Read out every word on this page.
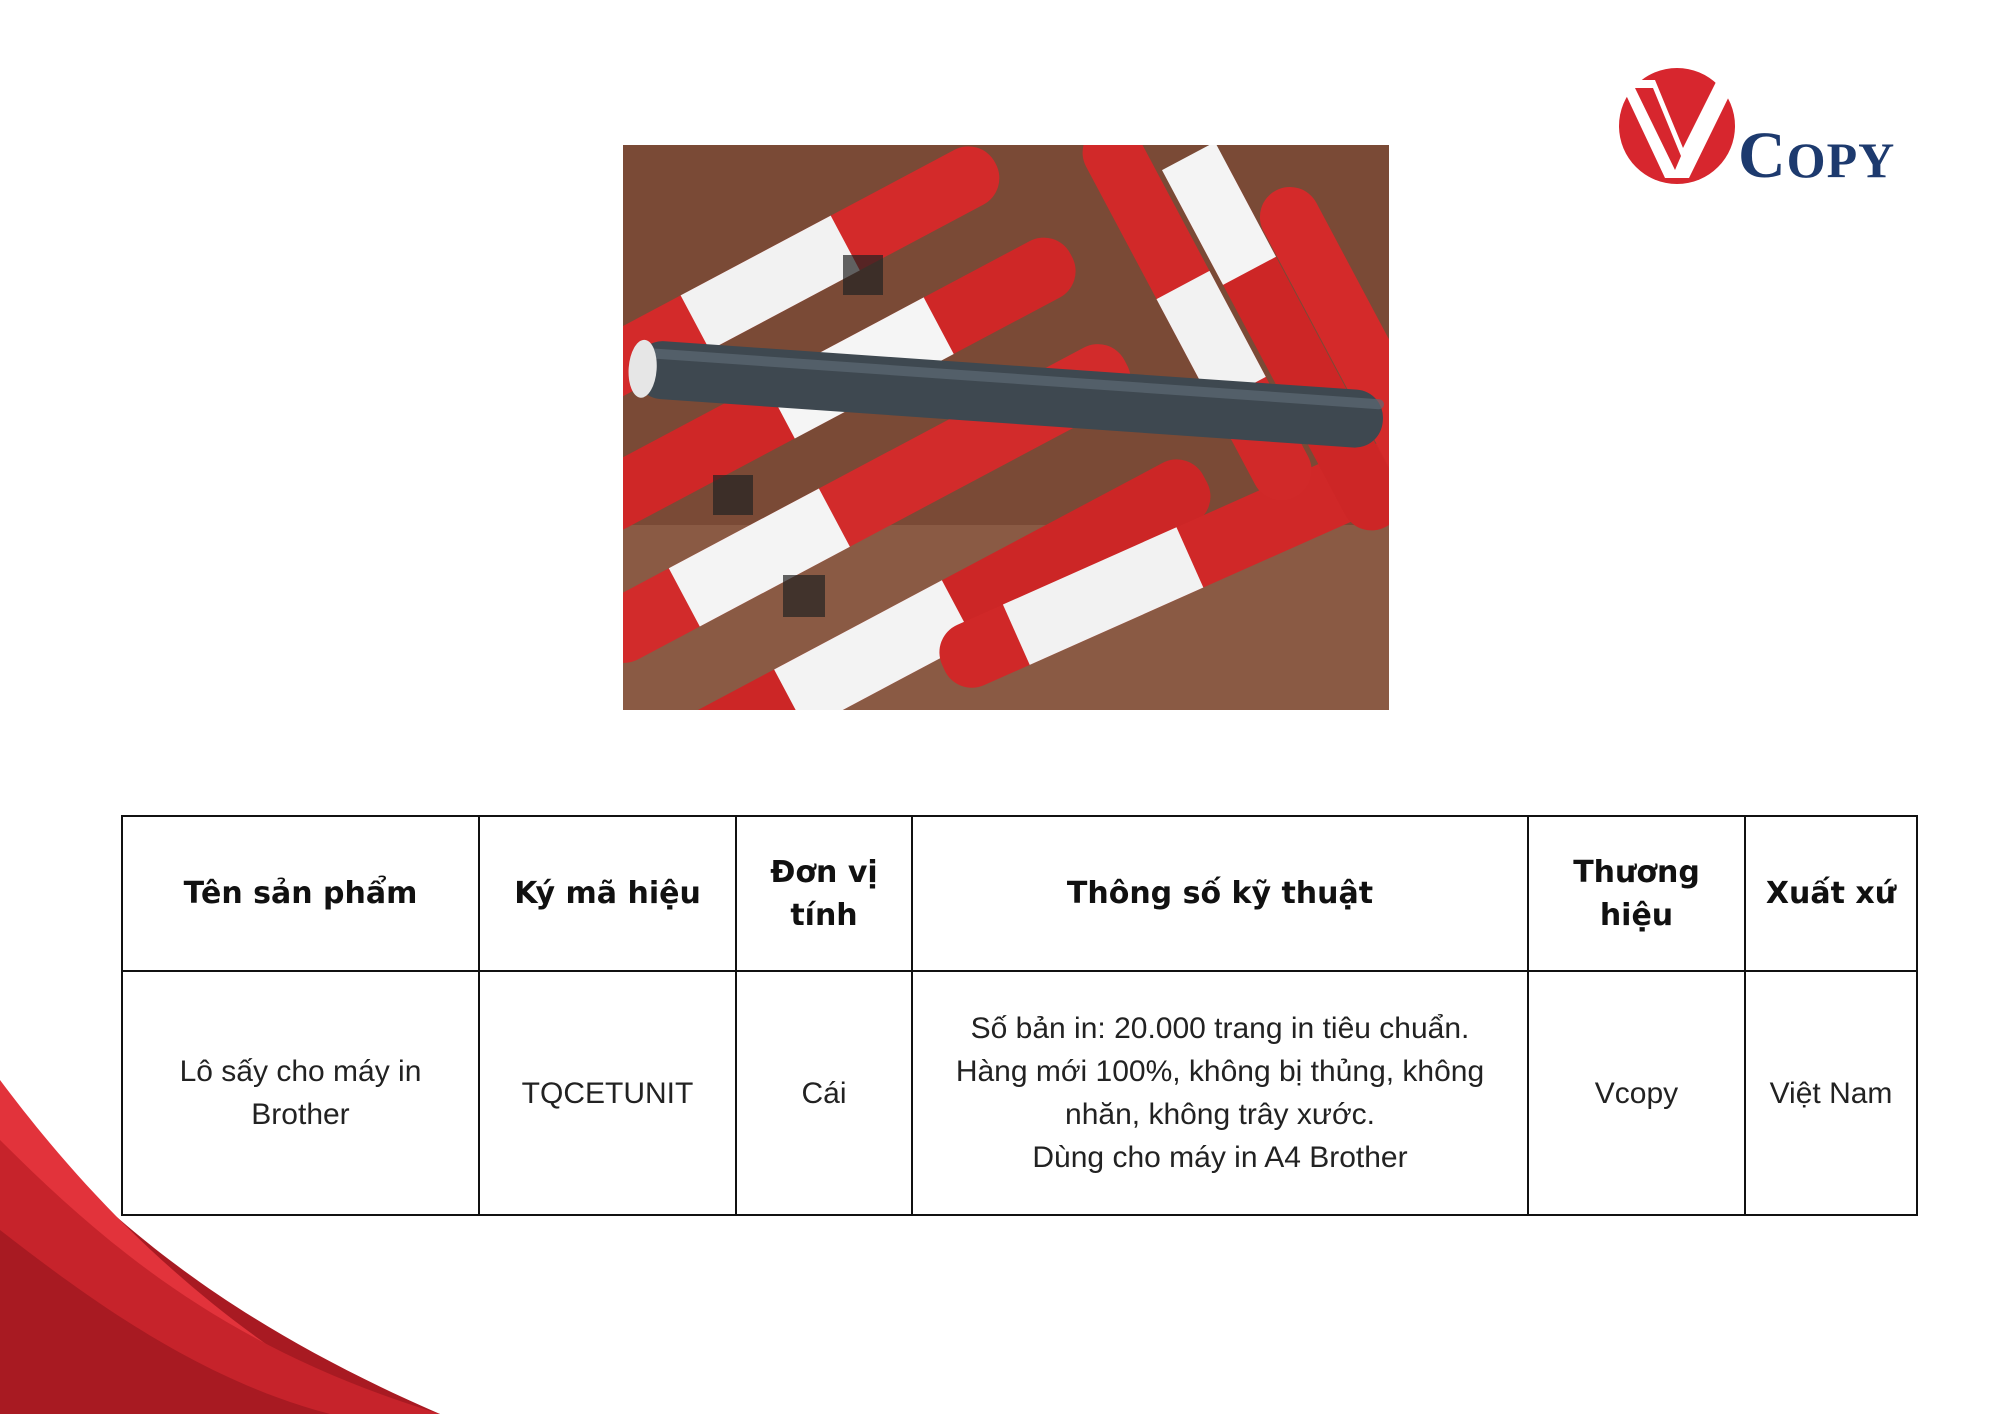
COPY
Tên sản phẩm	Ký mã hiệu	Đơn vị tính	Thông số kỹ thuật	Thương hiệu	Xuất xứ
Lô sấy cho máy in Brother	TQCETUNIT	Cái	Số bản in: 20.000 trang in tiêu chuẩn.
Hàng mới 100%, không bị thủng, không nhăn, không trây xước.
Dùng cho máy in A4 Brother	Vcopy	Việt Nam
